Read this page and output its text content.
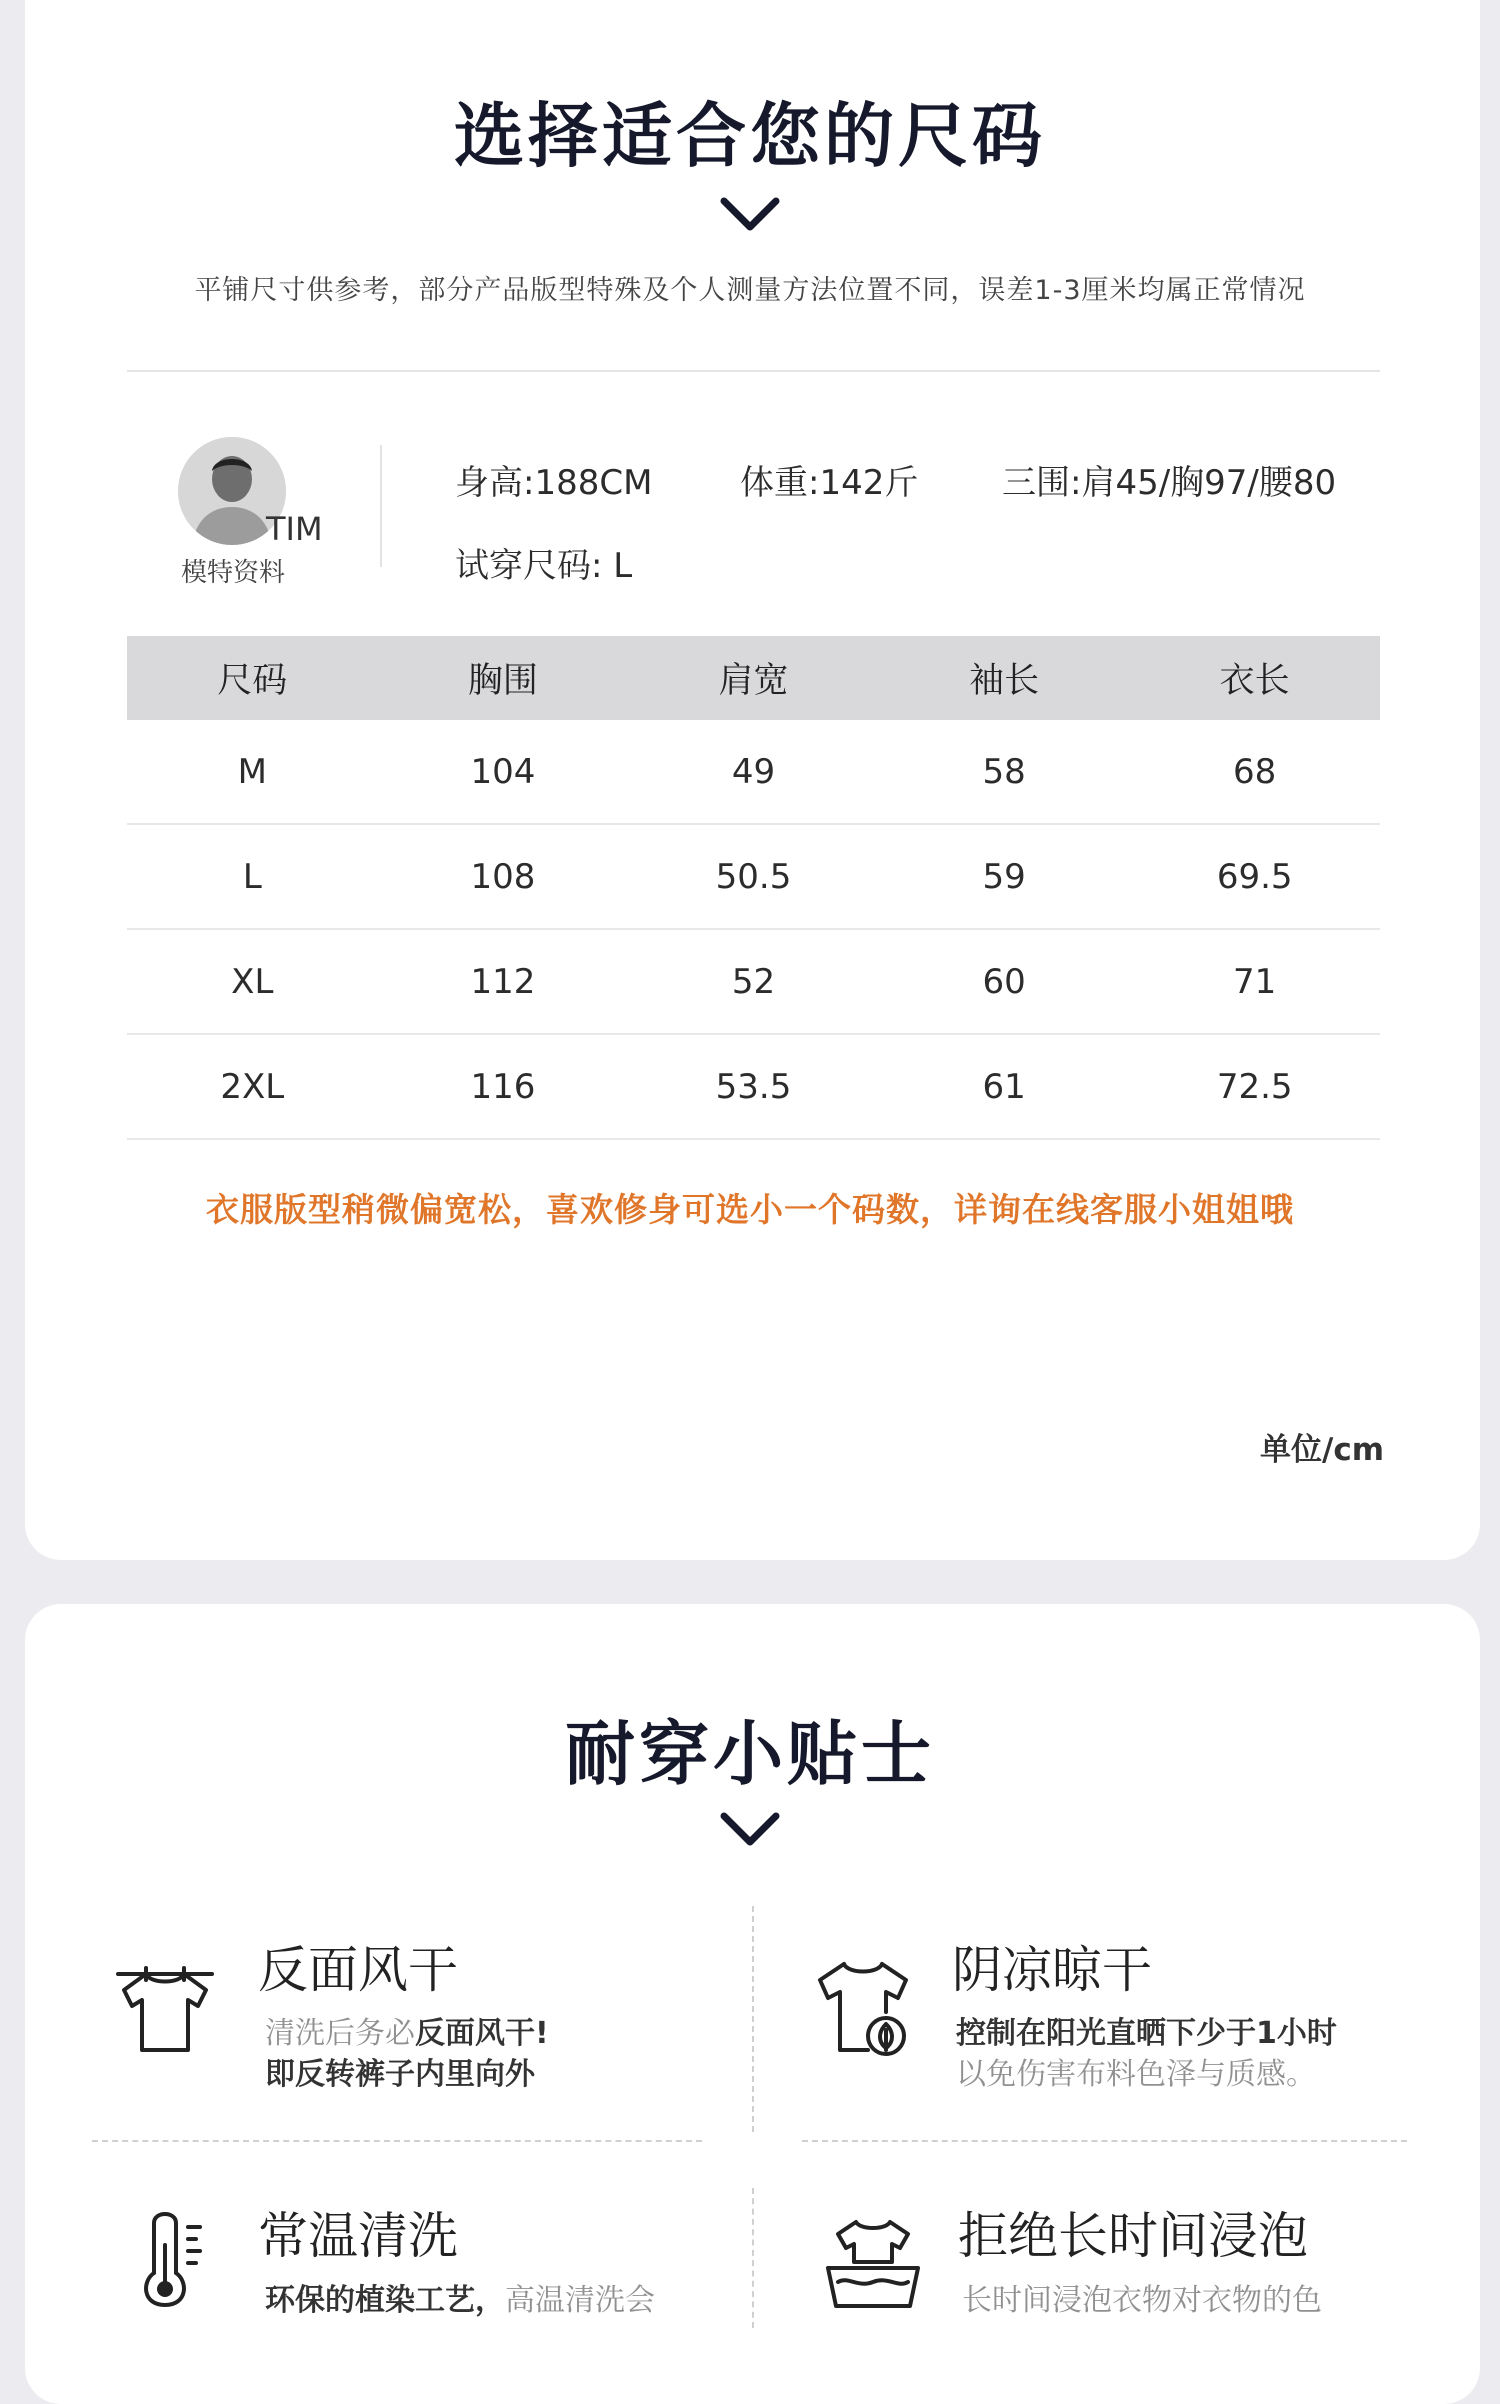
选择适合您的尺码
平铺尺寸供参考，部分产品版型特殊及个人测量方法位置不同，误差1-3厘米均属正常情况
TIM
模特资料
身高:188CM	体重:142斤 三围:肩45/胸97/腰80
试穿尺码: L
尺码	胸围	肩宽	袖长	衣长
M	104	49	58	68
L	108	50.5	59	69.5
XL	112	52	60	71
2XL	116	53.5	61	72.5
衣服版型稍微偏宽松，喜欢修身可选小一个码数，详询在线客服小姐姐哦
单位/cm
耐穿小贴士
反面风干
清洗后务必反面风干!
即反转裤子内里向外
阴凉晾干
控制在阳光直晒下少于1小时
以免伤害布料色泽与质感。
常温清洗
环保的植染工艺，高温清洗会
拒绝长时间浸泡
长时间浸泡衣物对衣物的色
